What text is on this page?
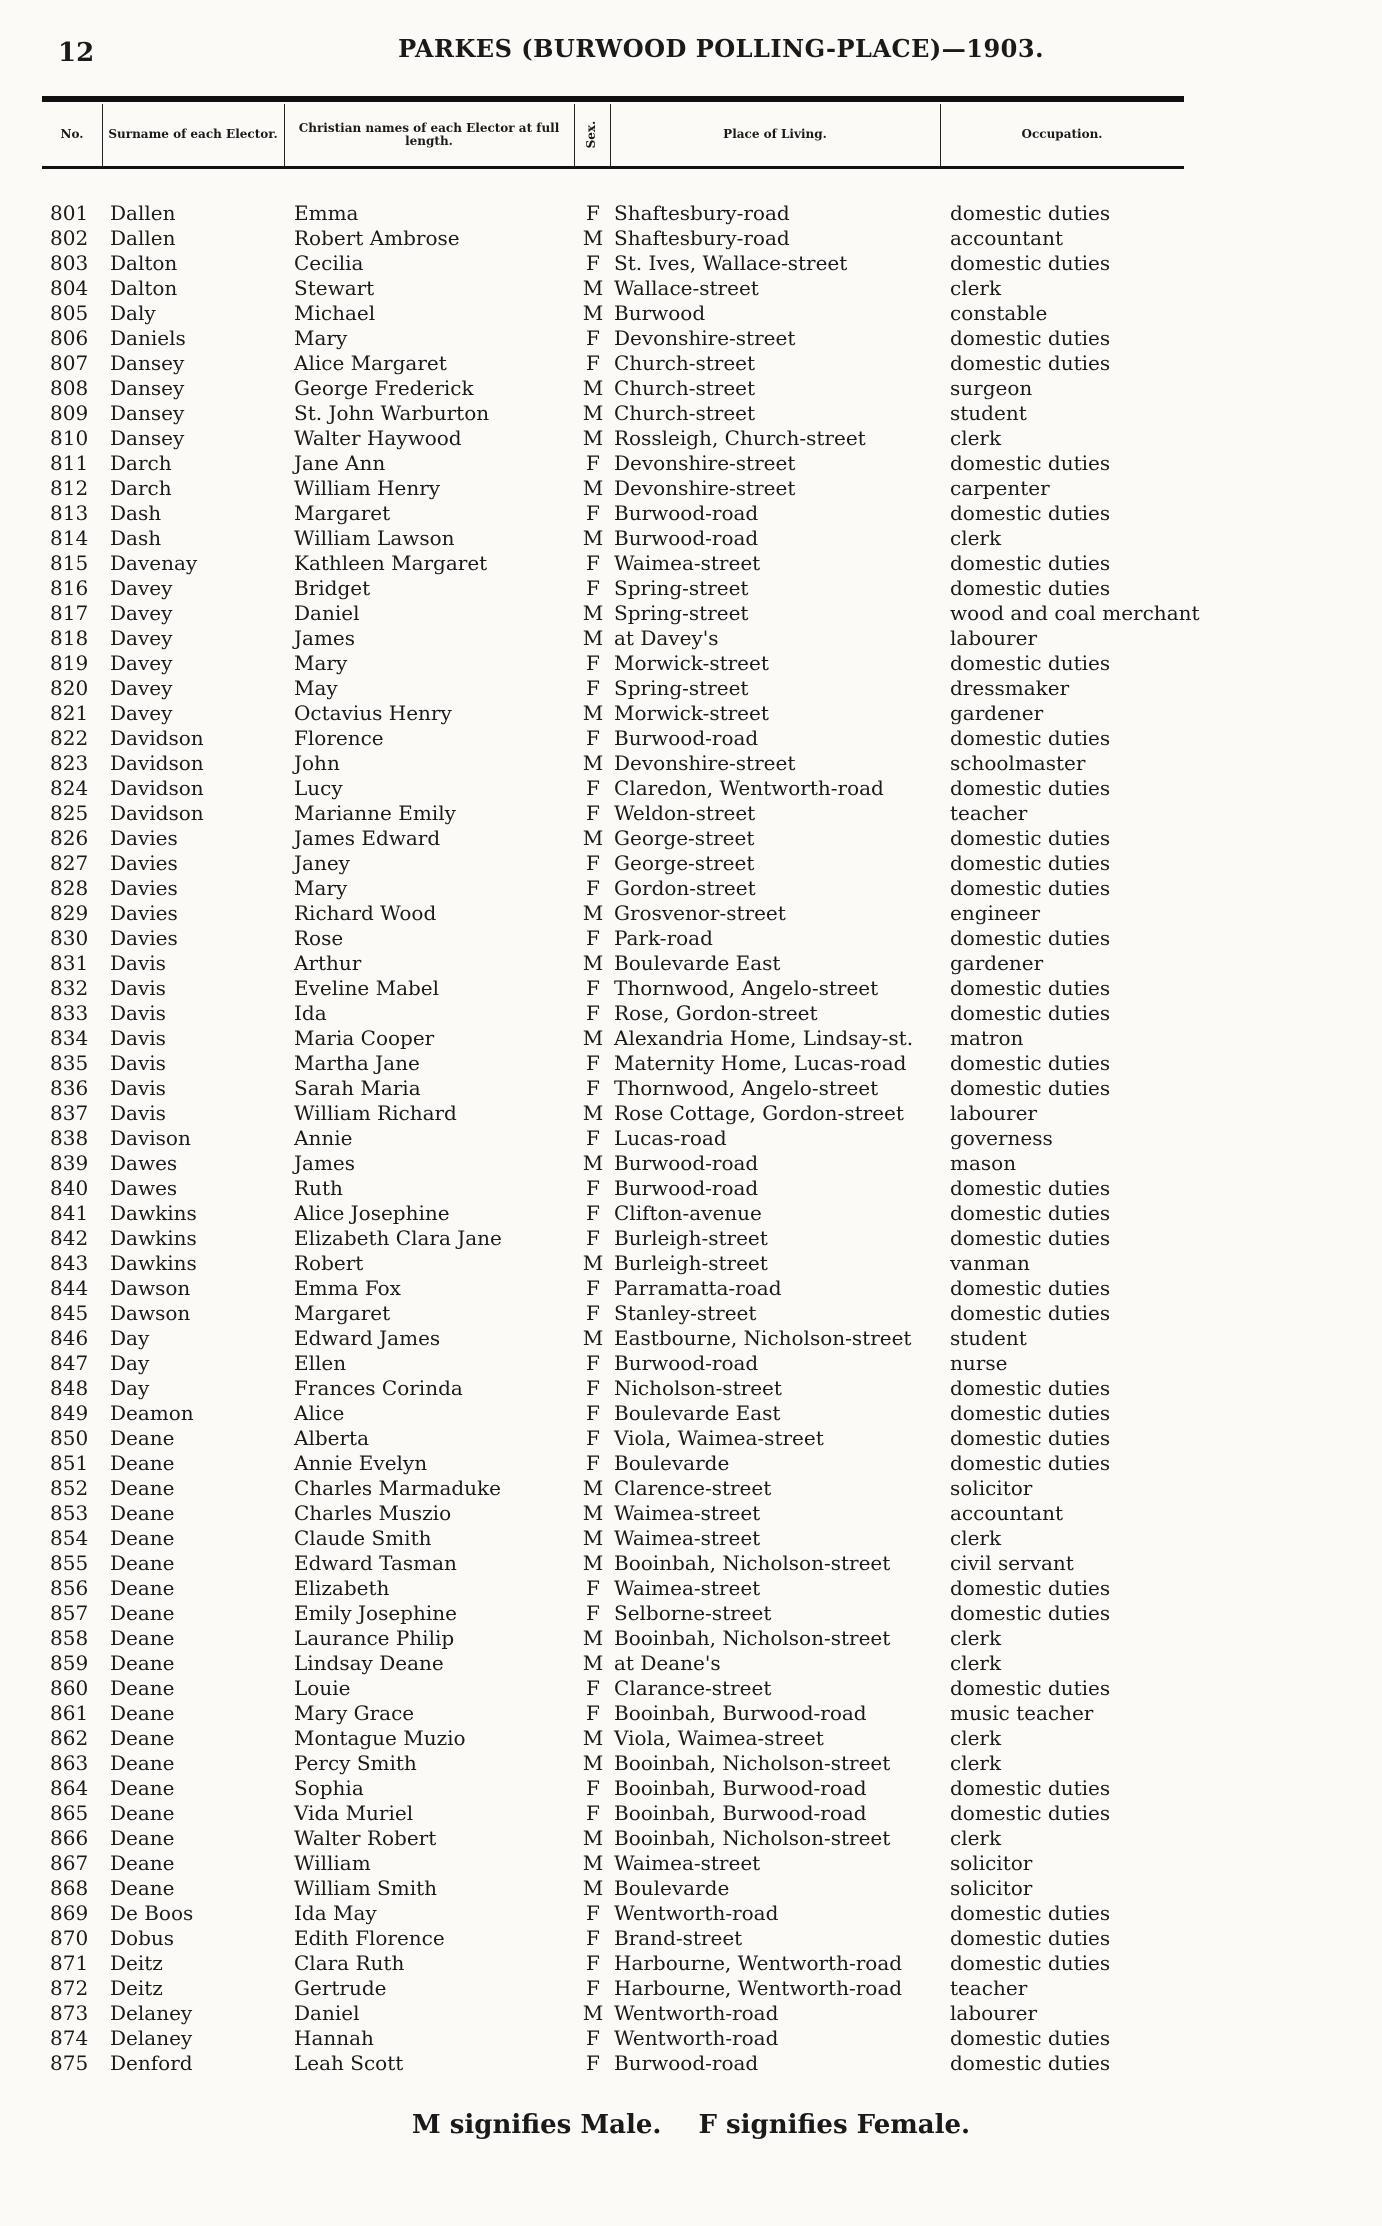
12	PARKES (BURWOOD POLLING-PLACE)—1903.
No.	Surname of each Elector.	Christian names of each Elector at full length.	Sex.	Place of Living.	Occupation.
801	Dallen	Emma	F Shaftesbury-road	domestic duties
802	Dallen	Robert Ambrose	M Shaftesbury-road	accountant
803	Dalton	Cecilia	F St. Ives, Wallace-street	domestic duties
804	Dalton	Stewart	M Wallace-street	clerk
805	Daly	Michael	M Burwood	constable
806	Daniels	Mary	F Devonshire-street	domestic duties
807	Dansey	Alice Margaret	F Church-street	domestic duties
808	Dansey	George Frederick	M Church-street	surgeon
809	Dansey	St. John Warburton	M Church-street	student
810	Dansey	Walter Haywood	M Rossleigh, Church-street	clerk
811	Darch	Jane Ann	F Devonshire-street	domestic duties
812	Darch	William Henry	M Devonshire-street	carpenter
813	Dash	Margaret	F Burwood-road	domestic duties
814	Dash	William Lawson	M Burwood-road	clerk
815	Davenay	Kathleen Margaret	F Waimea-street	domestic duties
816	Davey	Bridget	F Spring-street	domestic duties
817	Davey	Daniel	M Spring-street	wood and coal merchant
818	Davey	James	M at Davey's	labourer
819	Davey	Mary	F Morwick-street	domestic duties
820	Davey	May	F Spring-street	dressmaker
821	Davey	Octavius Henry	M Morwick-street	gardener
822	Davidson	Florence	F Burwood-road	domestic duties
823	Davidson	John	M Devonshire-street	schoolmaster
824	Davidson	Lucy	F Claredon, Wentworth-road	domestic duties
825	Davidson	Marianne Emily	F Weldon-street	teacher
826	Davies	James Edward	M George-street	domestic duties
827	Davies	Janey	F George-street	domestic duties
828	Davies	Mary	F Gordon-street	domestic duties
829	Davies	Richard Wood	M Grosvenor-street	engineer
830	Davies	Rose	F Park-road	domestic duties
831	Davis	Arthur	M Boulevarde East	gardener
832	Davis	Eveline Mabel	F Thornwood, Angelo-street	domestic duties
833	Davis	Ida	F Rose, Gordon-street	domestic duties
834	Davis	Maria Cooper	M Alexandria Home, Lindsay-st. matron
835	Davis	Martha Jane	F Maternity Home, Lucas-road domestic duties
836	Davis	Sarah Maria	F Thornwood, Angelo-street	domestic duties
837	Davis	William Richard	M Rose Cottage, Gordon-street labourer
838	Davison	Annie	F Lucas-road	governess
839	Dawes	James	M Burwood-road	mason
840	Dawes	Ruth	F Burwood-road	domestic duties
841	Dawkins	Alice Josephine	F Clifton-avenue	domestic duties
842	Dawkins	Elizabeth Clara Jane	F Burleigh-street	domestic duties
843	Dawkins	Robert	M Burleigh-street	vanman
844	Dawson	Emma Fox	F Parramatta-road	domestic duties
845	Dawson	Margaret	F Stanley-street	domestic duties
846	Day	Edward James	M Eastbourne, Nicholson-street student
847	Day	Ellen	F Burwood-road	nurse
848	Day	Frances Corinda	F Nicholson-street	domestic duties
849	Deamon	Alice	F Boulevarde East	domestic duties
850	Deane	Alberta	F Viola, Waimea-street	domestic duties
851	Deane	Annie Evelyn	F Boulevarde	domestic duties
852	Deane	Charles Marmaduke	M Clarence-street	solicitor
853	Deane	Charles Muszio	M Waimea-street	accountant
854	Deane	Claude Smith	M Waimea-street	clerk
855	Deane	Edward Tasman	M Booinbah, Nicholson-street	civil servant
856	Deane	Elizabeth	F Waimea-street	domestic duties
857	Deane	Emily Josephine	F Selborne-street	domestic duties
858	Deane	Laurance Philip	M Booinbah, Nicholson-street	clerk
859	Deane	Lindsay Deane	M at Deane's	clerk
860	Deane	Louie	F Clarance-street	domestic duties
861	Deane	Mary Grace	F Booinbah, Burwood-road	music teacher
862	Deane	Montague Muzio	M Viola, Waimea-street	clerk
863	Deane	Percy Smith	M Booinbah, Nicholson-street	clerk
864	Deane	Sophia	F Booinbah, Burwood-road	domestic duties
865	Deane	Vida Muriel	F Booinbah, Burwood-road	domestic duties
866	Deane	Walter Robert	M Booinbah, Nicholson-street	clerk
867	Deane	William	M Waimea-street	solicitor
868	Deane	William Smith	M Boulevarde	solicitor
869	De Boos	Ida May	F Wentworth-road	domestic duties
870	Dobus	Edith Florence	F Brand-street	domestic duties
871	Deitz	Clara Ruth	F Harbourne, Wentworth-road domestic duties
872	Deitz	Gertrude	F Harbourne, Wentworth-road teacher
873	Delaney	Daniel	M Wentworth-road	labourer
874	Delaney	Hannah	F Wentworth-road	domestic duties
875	Denford	Leah Scott	F Burwood-road	domestic duties
M signifies Male. F signifies Female.
